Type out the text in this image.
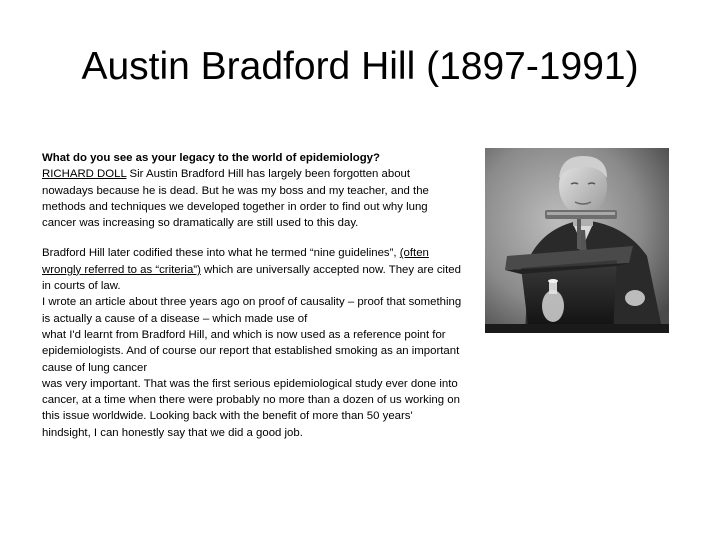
Austin Bradford Hill (1897-1991)

What do you see as your legacy to the world of epidemiology?

RICHARD DOLL Sir Austin Bradford Hill has largely been forgotten about nowadays because he is dead. But he was my boss and my teacher, and the methods and techniques we developed together in order to find out why lung cancer was increasing so dramatically are still used to this day.

Bradford Hill later codified these into what he termed “nine guidelines”, (often wrongly referred to as “criteria”) which are universally accepted now. They are cited in courts of law.

I wrote an article about three years ago on proof of causality – proof that something is actually a cause of a disease – which made use of

what I'd learnt from Bradford Hill, and which is now used as a reference point for epidemiologists. And of course our report that established smoking as an important cause of lung cancer

was very important. That was the first serious epidemiological study ever done into cancer, at a time when there were probably no more than a dozen of us working on this issue worldwide. Looking back with the benefit of more than 50 years' hindsight, I can honestly say that we did a good job.
